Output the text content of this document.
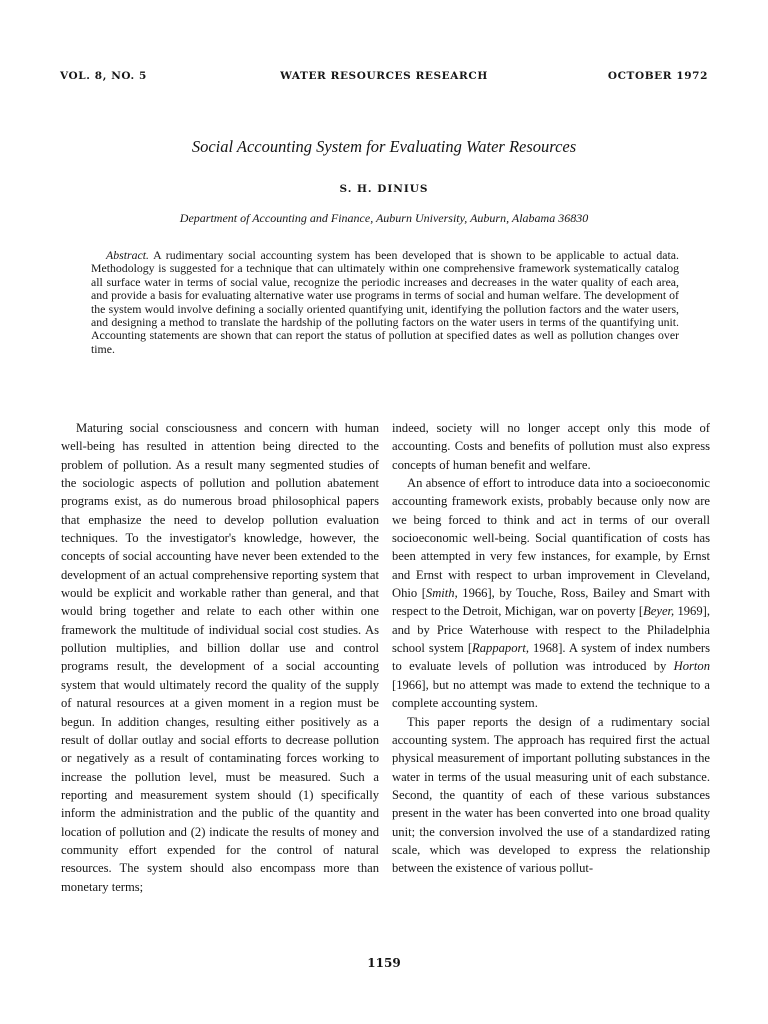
VOL. 8, NO. 5	WATER RESOURCES RESEARCH	OCTOBER 1972
Social Accounting System for Evaluating Water Resources
S. H. DINIUS
Department of Accounting and Finance, Auburn University, Auburn, Alabama 36830

Abstract. A rudimentary social accounting system has been developed that is shown to be applicable to actual data. Methodology is suggested for a technique that can ultimately within one comprehensive framework systematically catalog all surface water in terms of social value, recognize the periodic increases and decreases in the water quality of each area, and provide a basis for evaluating alternative water use programs in terms of social and human welfare. The development of the system would involve defining a socially oriented quantifying unit, identifying the pollution factors and the water users, and designing a method to translate the hardship of the polluting factors on the water users in terms of the quantifying unit. Accounting statements are shown that can report the status of pollution at specified dates as well as pollution changes over time.

Maturing social consciousness and concern with human well-being has resulted in attention being directed to the problem of pollution. As a result many segmented studies of the sociologic aspects of pollution and pollution abatement programs exist, as do numerous broad philosophical papers that emphasize the need to develop pollution evaluation techniques. To the investigator's knowledge, however, the concepts of social accounting have never been extended to the development of an actual comprehensive reporting system that would be explicit and workable rather than general, and that would bring together and relate to each other within one framework the multitude of individual social cost studies. As pollution multiplies, and billion dollar use and control programs result, the development of a social accounting system that would ultimately record the quality of the supply of natural resources at a given moment in a region must be begun. In addition changes, resulting either positively as a result of dollar outlay and social efforts to decrease pollution or negatively as a result of contaminating forces working to increase the pollution level, must be measured. Such a reporting and measurement system should (1) specifically inform the administration and the public of the quantity and location of pollution and (2) indicate the results of money and community effort expended for the control of natural resources. The system should also encompass more than monetary terms;

indeed, society will no longer accept only this mode of accounting. Costs and benefits of pollution must also express concepts of human benefit and welfare.

An absence of effort to introduce data into a socioeconomic accounting framework exists, probably because only now are we being forced to think and act in terms of our overall socioeconomic well-being. Social quantification of costs has been attempted in very few instances, for example, by Ernst and Ernst with respect to urban improvement in Cleveland, Ohio [Smith, 1966], by Touche, Ross, Bailey and Smart with respect to the Detroit, Michigan, war on poverty [Beyer, 1969], and by Price Waterhouse with respect to the Philadelphia school system [Rappaport, 1968]. A system of index numbers to evaluate levels of pollution was introduced by Horton [1966], but no attempt was made to extend the technique to a complete accounting system.

This paper reports the design of a rudimentary social accounting system. The approach has required first the actual physical measurement of important polluting substances in the water in terms of the usual measuring unit of each substance. Second, the quantity of each of these various substances present in the water has been converted into one broad quality unit; the conversion involved the use of a standardized rating scale, which was developed to express the relationship between the existence of various pollut-

1159
